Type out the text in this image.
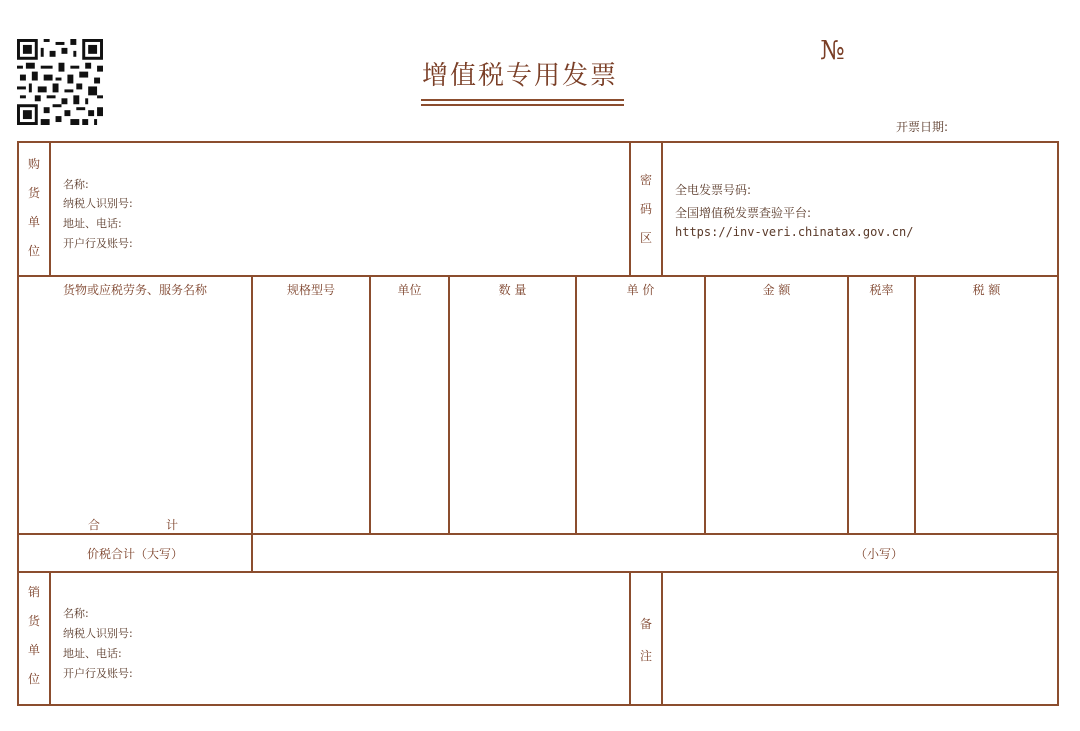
增值税专用发票
№
开票日期:
购
货
单
位
名称:
纳税人识别号:
地址、电话:
开户行及账号:
密
码
区
全电发票号码:
全国增值税发票查验平台:
https://inv-veri.chinatax.gov.cn/
货物或应税劳务、服务名称	规格型号	单位	数 量	单 价	金 额	税率	税 额
合	计
价税合计（大写）	（小写）
销
货
单
位
名称:
纳税人识别号:
地址、电话:
开户行及账号:
备
注
